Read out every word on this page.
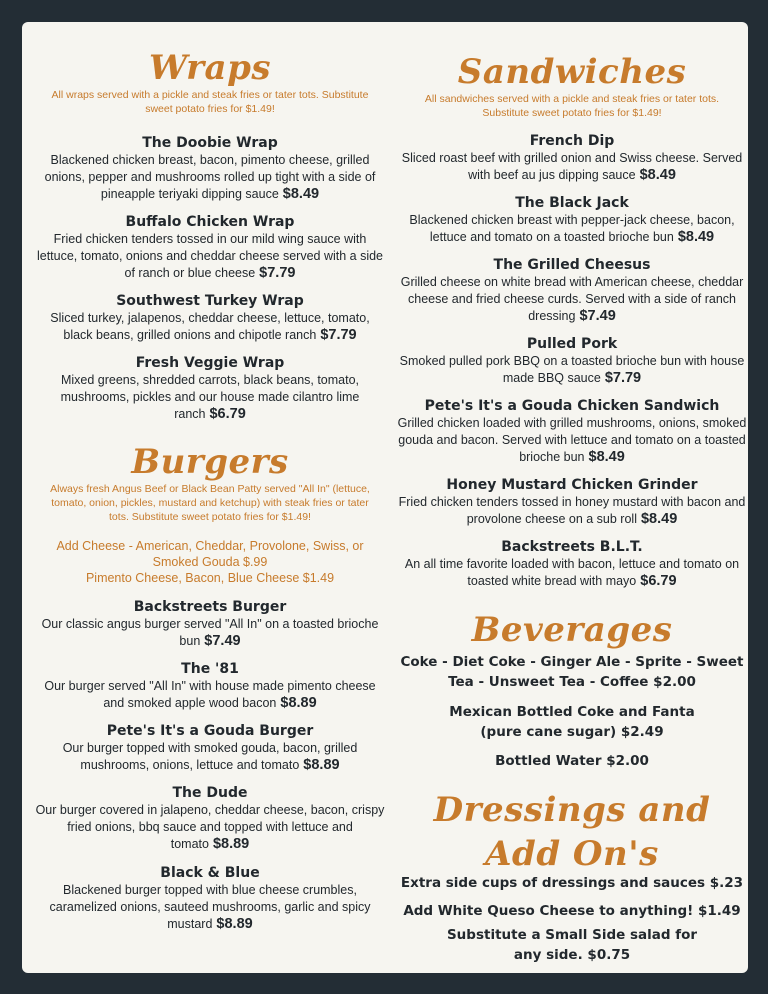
Wraps
All wraps served with a pickle and steak fries or tater tots. Substitute sweet potato fries for $1.49!
The Doobie Wrap
Blackened chicken breast, bacon, pimento cheese, grilled onions, pepper and mushrooms rolled up tight with a side of pineapple teriyaki dipping sauce $8.49
Buffalo Chicken Wrap
Fried chicken tenders tossed in our mild wing sauce with lettuce, tomato, onions and cheddar cheese served with a side of ranch or blue cheese $7.79
Southwest Turkey Wrap
Sliced turkey, jalapenos, cheddar cheese, lettuce, tomato, black beans, grilled onions and chipotle ranch $7.79
Fresh Veggie Wrap
Mixed greens, shredded carrots, black beans, tomato, mushrooms, pickles and our house made cilantro lime ranch $6.79
Burgers
Always fresh Angus Beef or Black Bean Patty served "All In" (lettuce, tomato, onion, pickles, mustard and ketchup) with steak fries or tater tots. Substitute sweet potato fries for $1.49!
Add Cheese - American, Cheddar, Provolone, Swiss, or Smoked Gouda $.99
Pimento Cheese, Bacon, Blue Cheese $1.49
Backstreets Burger
Our classic angus burger served "All In" on a toasted brioche bun $7.49
The '81
Our burger served "All In" with house made pimento cheese and smoked apple wood bacon $8.89
Pete's It's a Gouda Burger
Our burger topped with smoked gouda, bacon, grilled mushrooms, onions, lettuce and tomato $8.89
The Dude
Our burger covered in jalapeno, cheddar cheese, bacon, crispy fried onions, bbq sauce and topped with lettuce and tomato $8.89
Black & Blue
Blackened burger topped with blue cheese crumbles, caramelized onions, sauteed mushrooms, garlic and spicy mustard $8.89
Sandwiches
All sandwiches served with a pickle and steak fries or tater tots. Substitute sweet potato fries for $1.49!
French Dip
Sliced roast beef with grilled onion and Swiss cheese. Served with beef au jus dipping sauce $8.49
The Black Jack
Blackened chicken breast with pepper-jack cheese, bacon, lettuce and tomato on a toasted brioche bun $8.49
The Grilled Cheesus
Grilled cheese on white bread with American cheese, cheddar cheese and fried cheese curds. Served with a side of ranch dressing $7.49
Pulled Pork
Smoked pulled pork BBQ on a toasted brioche bun with house made BBQ sauce $7.79
Pete's It's a Gouda Chicken Sandwich
Grilled chicken loaded with grilled mushrooms, onions, smoked gouda and bacon. Served with lettuce and tomato on a toasted brioche bun $8.49
Honey Mustard Chicken Grinder
Fried chicken tenders tossed in honey mustard with bacon and provolone cheese on a sub roll $8.49
Backstreets B.L.T.
An all time favorite loaded with bacon, lettuce and tomato on toasted white bread with mayo $6.79
Beverages
Coke - Diet Coke - Ginger Ale - Sprite - Sweet Tea - Unsweet Tea - Coffee $2.00
Mexican Bottled Coke and Fanta (pure cane sugar) $2.49
Bottled Water $2.00
Dressings and Add On's
Extra side cups of dressings and sauces $.23
Add White Queso Cheese to anything! $1.49
Substitute a Small Side salad for any side. $0.75
